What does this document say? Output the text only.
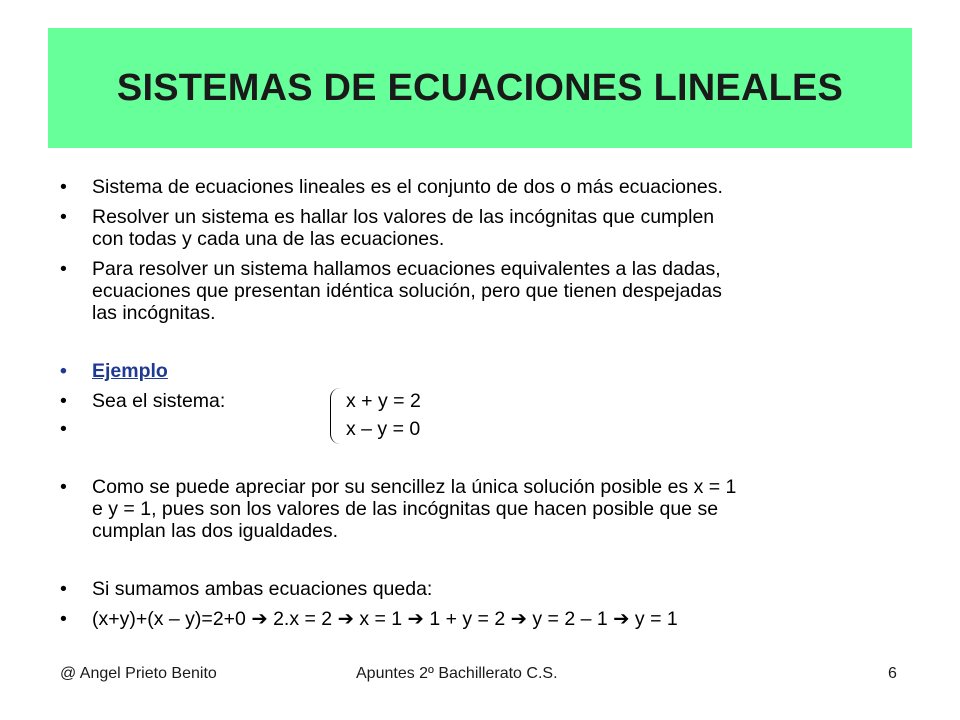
SISTEMAS DE ECUACIONES LINEALES
• Sistema de ecuaciones lineales es el conjunto de dos o más ecuaciones.
• Resolver un sistema es hallar los valores de las incógnitas que cumplen
con todas y cada una de las ecuaciones.
• Para resolver un sistema hallamos ecuaciones equivalentes a las dadas,
ecuaciones que presentan idéntica solución, pero que tienen despejadas
las incógnitas.
• Ejemplo
• Sea el sistema:	x + y = 2
•	x – y = 0
• Como se puede apreciar por su sencillez la única solución posible es x = 1
e y = 1, pues son los valores de las incógnitas que hacen posible que se
cumplan las dos igualdades.
• Si sumamos ambas ecuaciones queda:
• (x+y)+(x – y)=2+0 ➔ 2.x = 2 ➔ x = 1 ➔ 1 + y = 2 ➔ y = 2 – 1 ➔ y = 1
@ Angel Prieto Benito	Apuntes 2º Bachillerato C.S.	6
